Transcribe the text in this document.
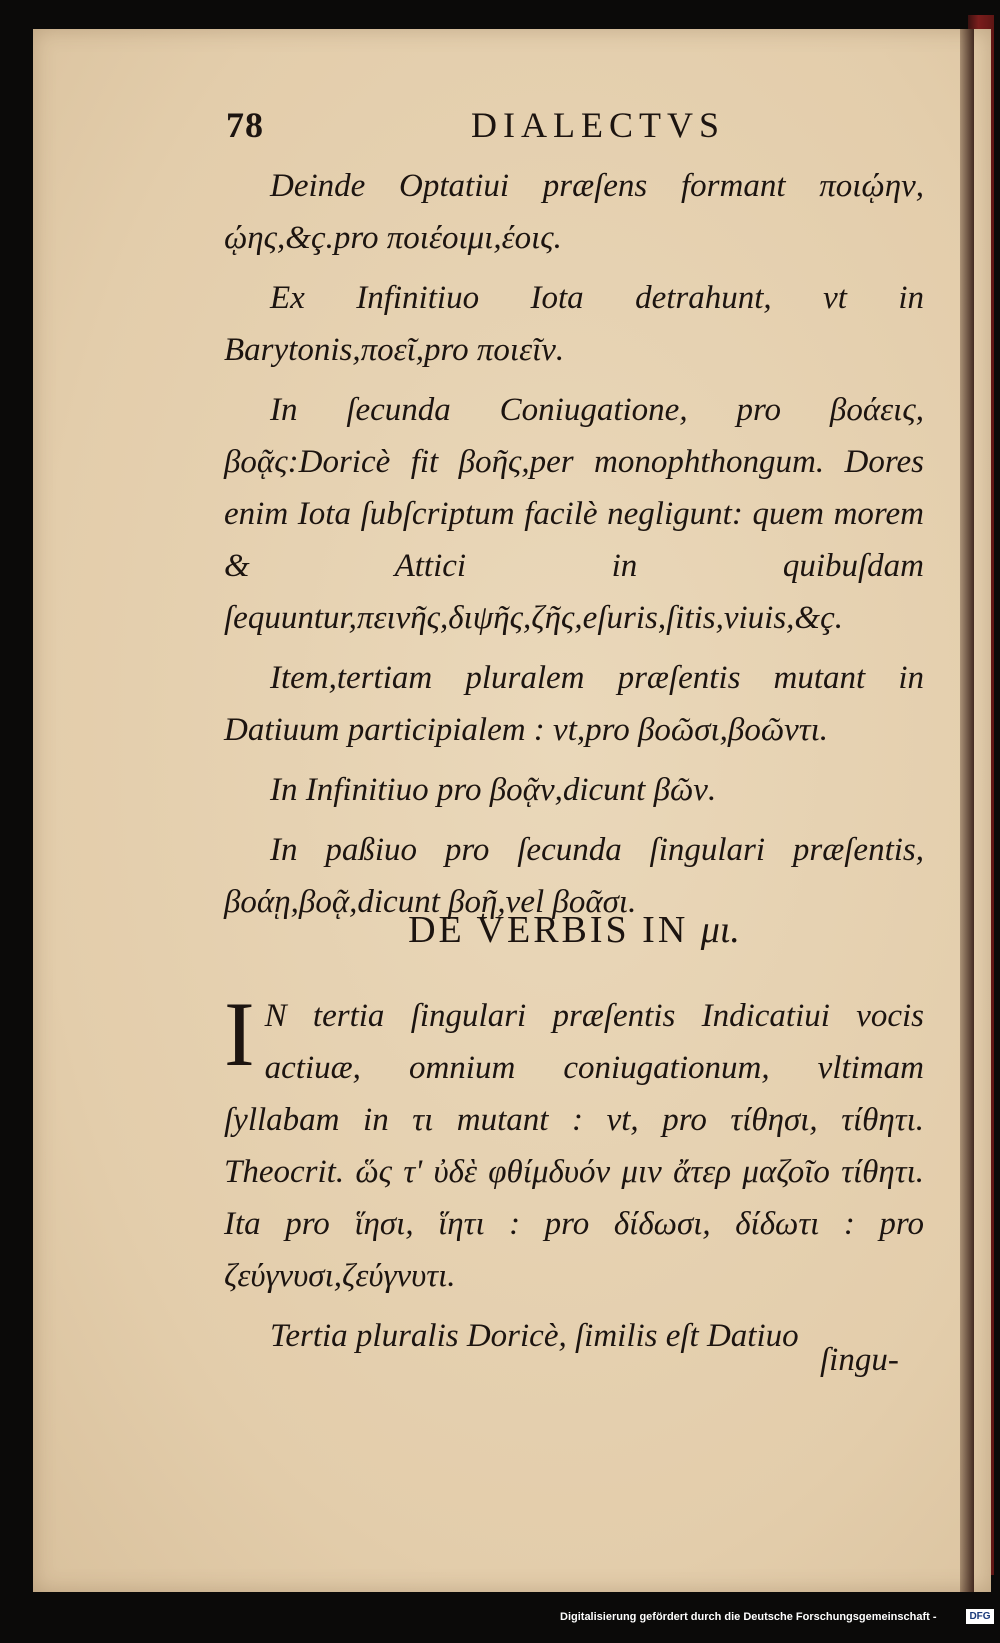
78	DIALECTVS

Deinde Optatiui præſens formant ποιῴην, ῴης,&ç.pro ποιέοιμι,έοις.

Ex Infinitiuo Iota detrahunt, vt in Barytonis,ποεῖ,pro ποιεῖν.

In ſecunda Coniugatione, pro βοάεις, βοᾷς:Doricè fit βοῆς,per monophthongum. Dores enim Iota ſubſcriptum facilè negligunt: quem morem & Attici in quibuſdam ſequuntur,πεινῆς,διψῆς,ζῆς,eſuris,ſitis,viuis,&ç.

Item,tertiam pluralem præſentis mutant in Datiuum participialem : vt,pro βοῶσι,βοῶντι.

In Infinitiuo pro βοᾷν,dicunt βῶν.

In paßiuo pro ſecunda ſingulari præſentis, βοάῃ,βοᾷ,dicunt βοῇ,vel βοᾶσι.

DE VERBIS IN μι.

I N tertia ſingulari præſentis Indicatiui vocis actiuæ, omnium coniugationum, vltimam ſyllabam in τι mutant : vt, pro τίθησι, τίθητι. Theocrit. ὥς τ' ὐδὲ φθίμδυόν μιν ἄτερ μαζοῖο τίθητι. Ita pro ἵησι, ἵητι : pro δίδωσι, δίδωτι : pro ζεύγνυσι,ζεύγνυτι.

Tertia pluralis Doricè, ſimilis eſt Datiuo

ſingu-
Digitalisierung gefördert durch die Deutsche Forschungsgemeinschaft -	DFG
